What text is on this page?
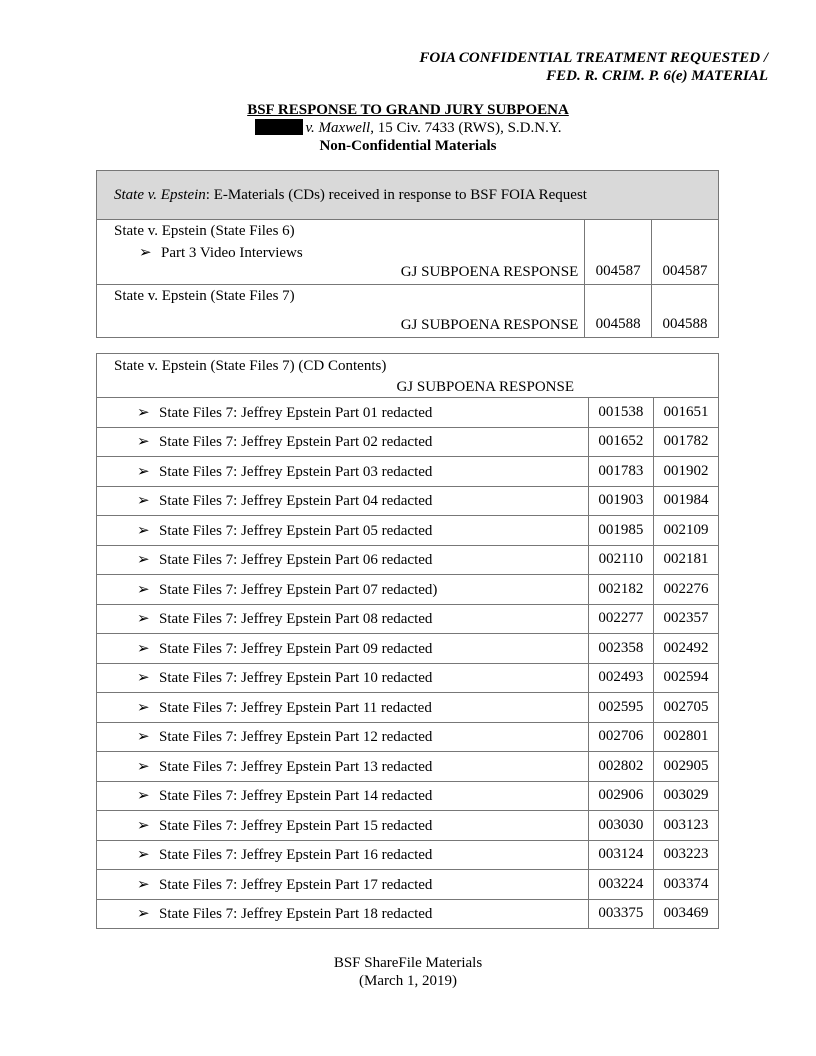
FOIA CONFIDENTIAL TREATMENT REQUESTED /
FED. R. CRIM. P. 6(e) MATERIAL
BSF RESPONSE TO GRAND JURY SUBPOENA
v. Maxwell, 15 Civ. 7433 (RWS), S.D.N.Y.
Non-Confidential Materials
State v. Epstein: E-Materials (CDs) received in response to BSF FOIA Request		

State v. Epstein (State Files 6)
➢ Part 3 Video Interviews
GJ SUBPOENA RESPONSE	004587	004587

State v. Epstein (State Files 7)
GJ SUBPOENA RESPONSE	004588	004588
State v. Epstein (State Files 7) (CD Contents)
GJ SUBPOENA RESPONSE		

➢ State Files 7: Jeffrey Epstein Part 01 redacted	001538	001651
➢ State Files 7: Jeffrey Epstein Part 02 redacted	001652	001782
➢ State Files 7: Jeffrey Epstein Part 03 redacted	001783	001902
➢ State Files 7: Jeffrey Epstein Part 04 redacted	001903	001984
➢ State Files 7: Jeffrey Epstein Part 05 redacted	001985	002109
➢ State Files 7: Jeffrey Epstein Part 06 redacted	002110	002181
➢ State Files 7: Jeffrey Epstein Part 07 redacted)	002182	002276
➢ State Files 7: Jeffrey Epstein Part 08 redacted	002277	002357
➢ State Files 7: Jeffrey Epstein Part 09 redacted	002358	002492
➢ State Files 7: Jeffrey Epstein Part 10 redacted	002493	002594
➢ State Files 7: Jeffrey Epstein Part 11 redacted	002595	002705
➢ State Files 7: Jeffrey Epstein Part 12 redacted	002706	002801
➢ State Files 7: Jeffrey Epstein Part 13 redacted	002802	002905
➢ State Files 7: Jeffrey Epstein Part 14 redacted	002906	003029
➢ State Files 7: Jeffrey Epstein Part 15 redacted	003030	003123
➢ State Files 7: Jeffrey Epstein Part 16 redacted	003124	003223
➢ State Files 7: Jeffrey Epstein Part 17 redacted	003224	003374
➢ State Files 7: Jeffrey Epstein Part 18 redacted	003375	003469
BSF ShareFile Materials
(March 1, 2019)
